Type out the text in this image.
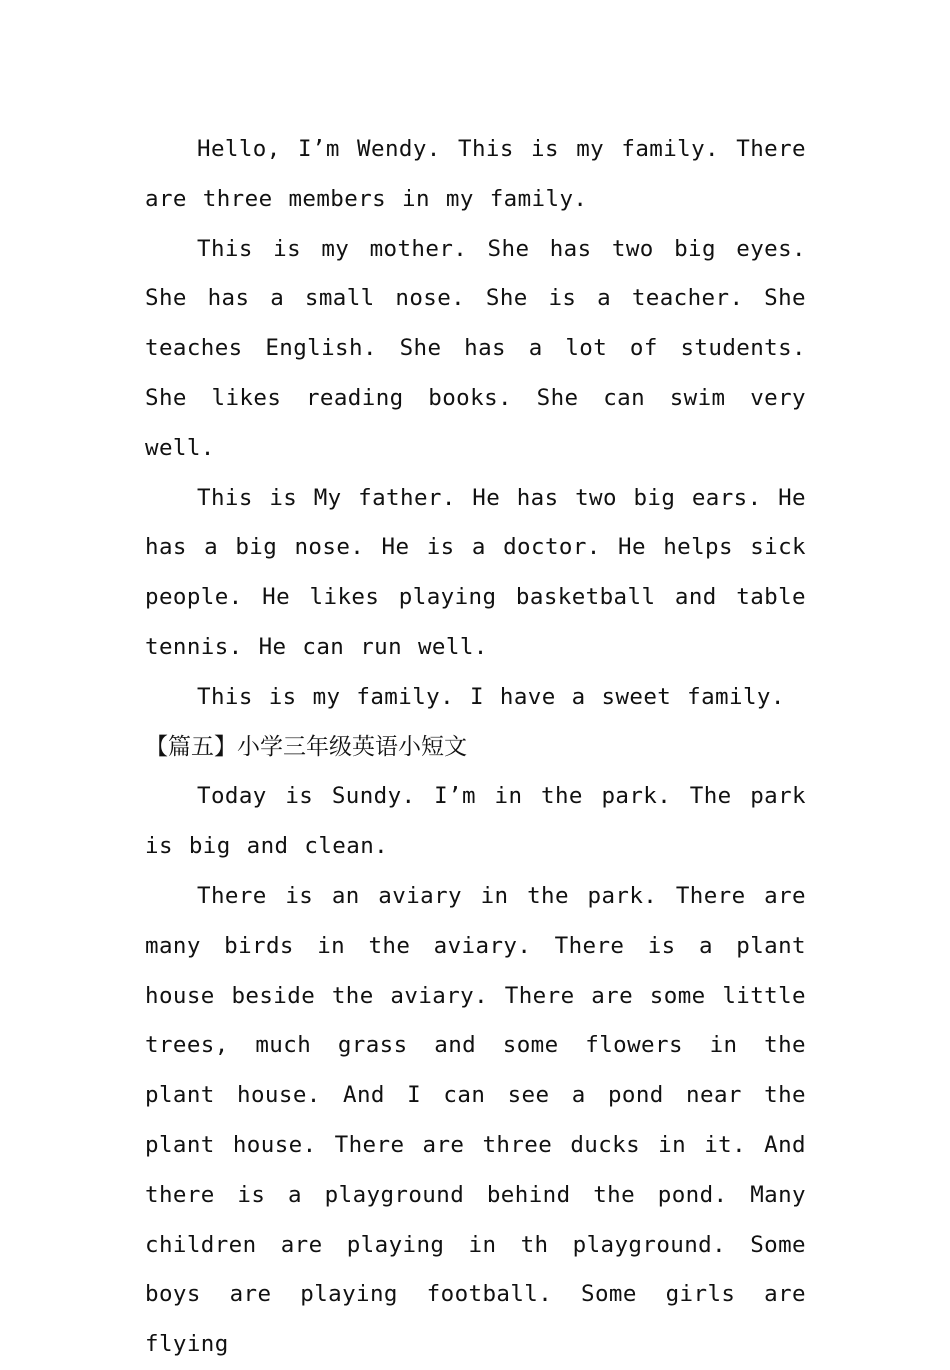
Hello, I’m Wendy. This is my family. There are three members in my family.

This is my mother. She has two big eyes. She has a small nose. She is a teacher. She teaches English. She has a lot of students. She likes reading books. She can swim very well.

This is My father. He has two big ears. He has a big nose. He is a doctor. He helps sick people. He likes playing basketball and table tennis. He can run well.

This is my family. I have a sweet family.

【篇五】小学三年级英语小短文

Today is Sundy. I’m in the park. The park is big and clean.

There is an aviary in the park. There are many birds in the aviary. There is a plant house beside the aviary. There are some little trees, much grass and some flowers in the plant house. And I can see a pond near the plant house. There are three ducks in it. And there is a playground behind the pond. Many children are playing in th playground. Some boys are playing football. Some girls are flying
